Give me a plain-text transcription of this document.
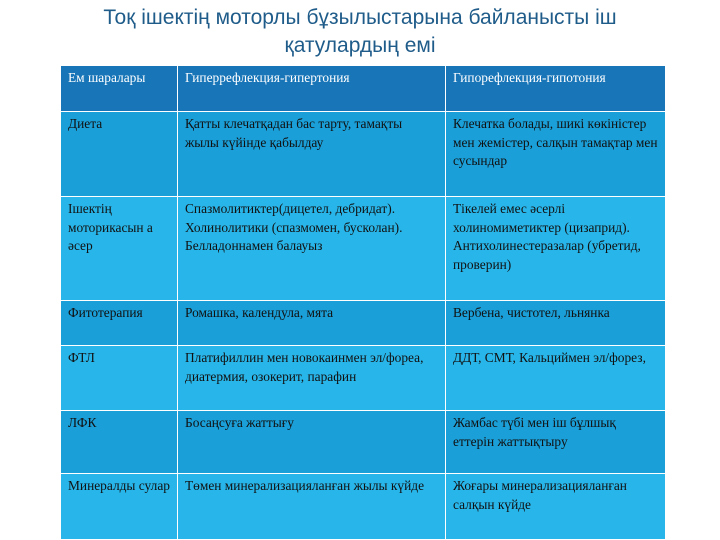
Тоқ ішектің моторлы бұзылыстарына байланысты іш
қатулардың емі
Ем шаралары	Гиперрефлекция-гипертония	Гипорефлекция-гипотония
Диета	Қатты клечатқадан бас тарту, тамақты жылы күйінде қабылдау	Клечатка болады, шикі көкіністер мен жемістер, салқын тамақтар мен сусындар
Ішектің моторикасын а әсер	Спазмолитиктер(дицетел, дебридат). Холинолитики (спазмомен, бусколан). Белладоннамен балауыз	Тікелей емес әсерлі холиномиметиктер (цизаприд). Антихолинестеразалар (убретид, проверин)
Фитотерапия	Ромашка, календула, мята	Вербена, чистотел, льнянка
ФТЛ	Платифиллин мен новокаинмен эл/фореа, диатермия, озокерит, парафин	ДДТ, СМТ, Кальциймен эл/форез,
ЛФК	Босаңсуға жаттығу	Жамбас түбі мен іш бұлшық еттерін жаттықтыру
Минералды сулар	Төмен минерализацияланған жылы күйде	Жоғары минерализацияланған салқын күйде
